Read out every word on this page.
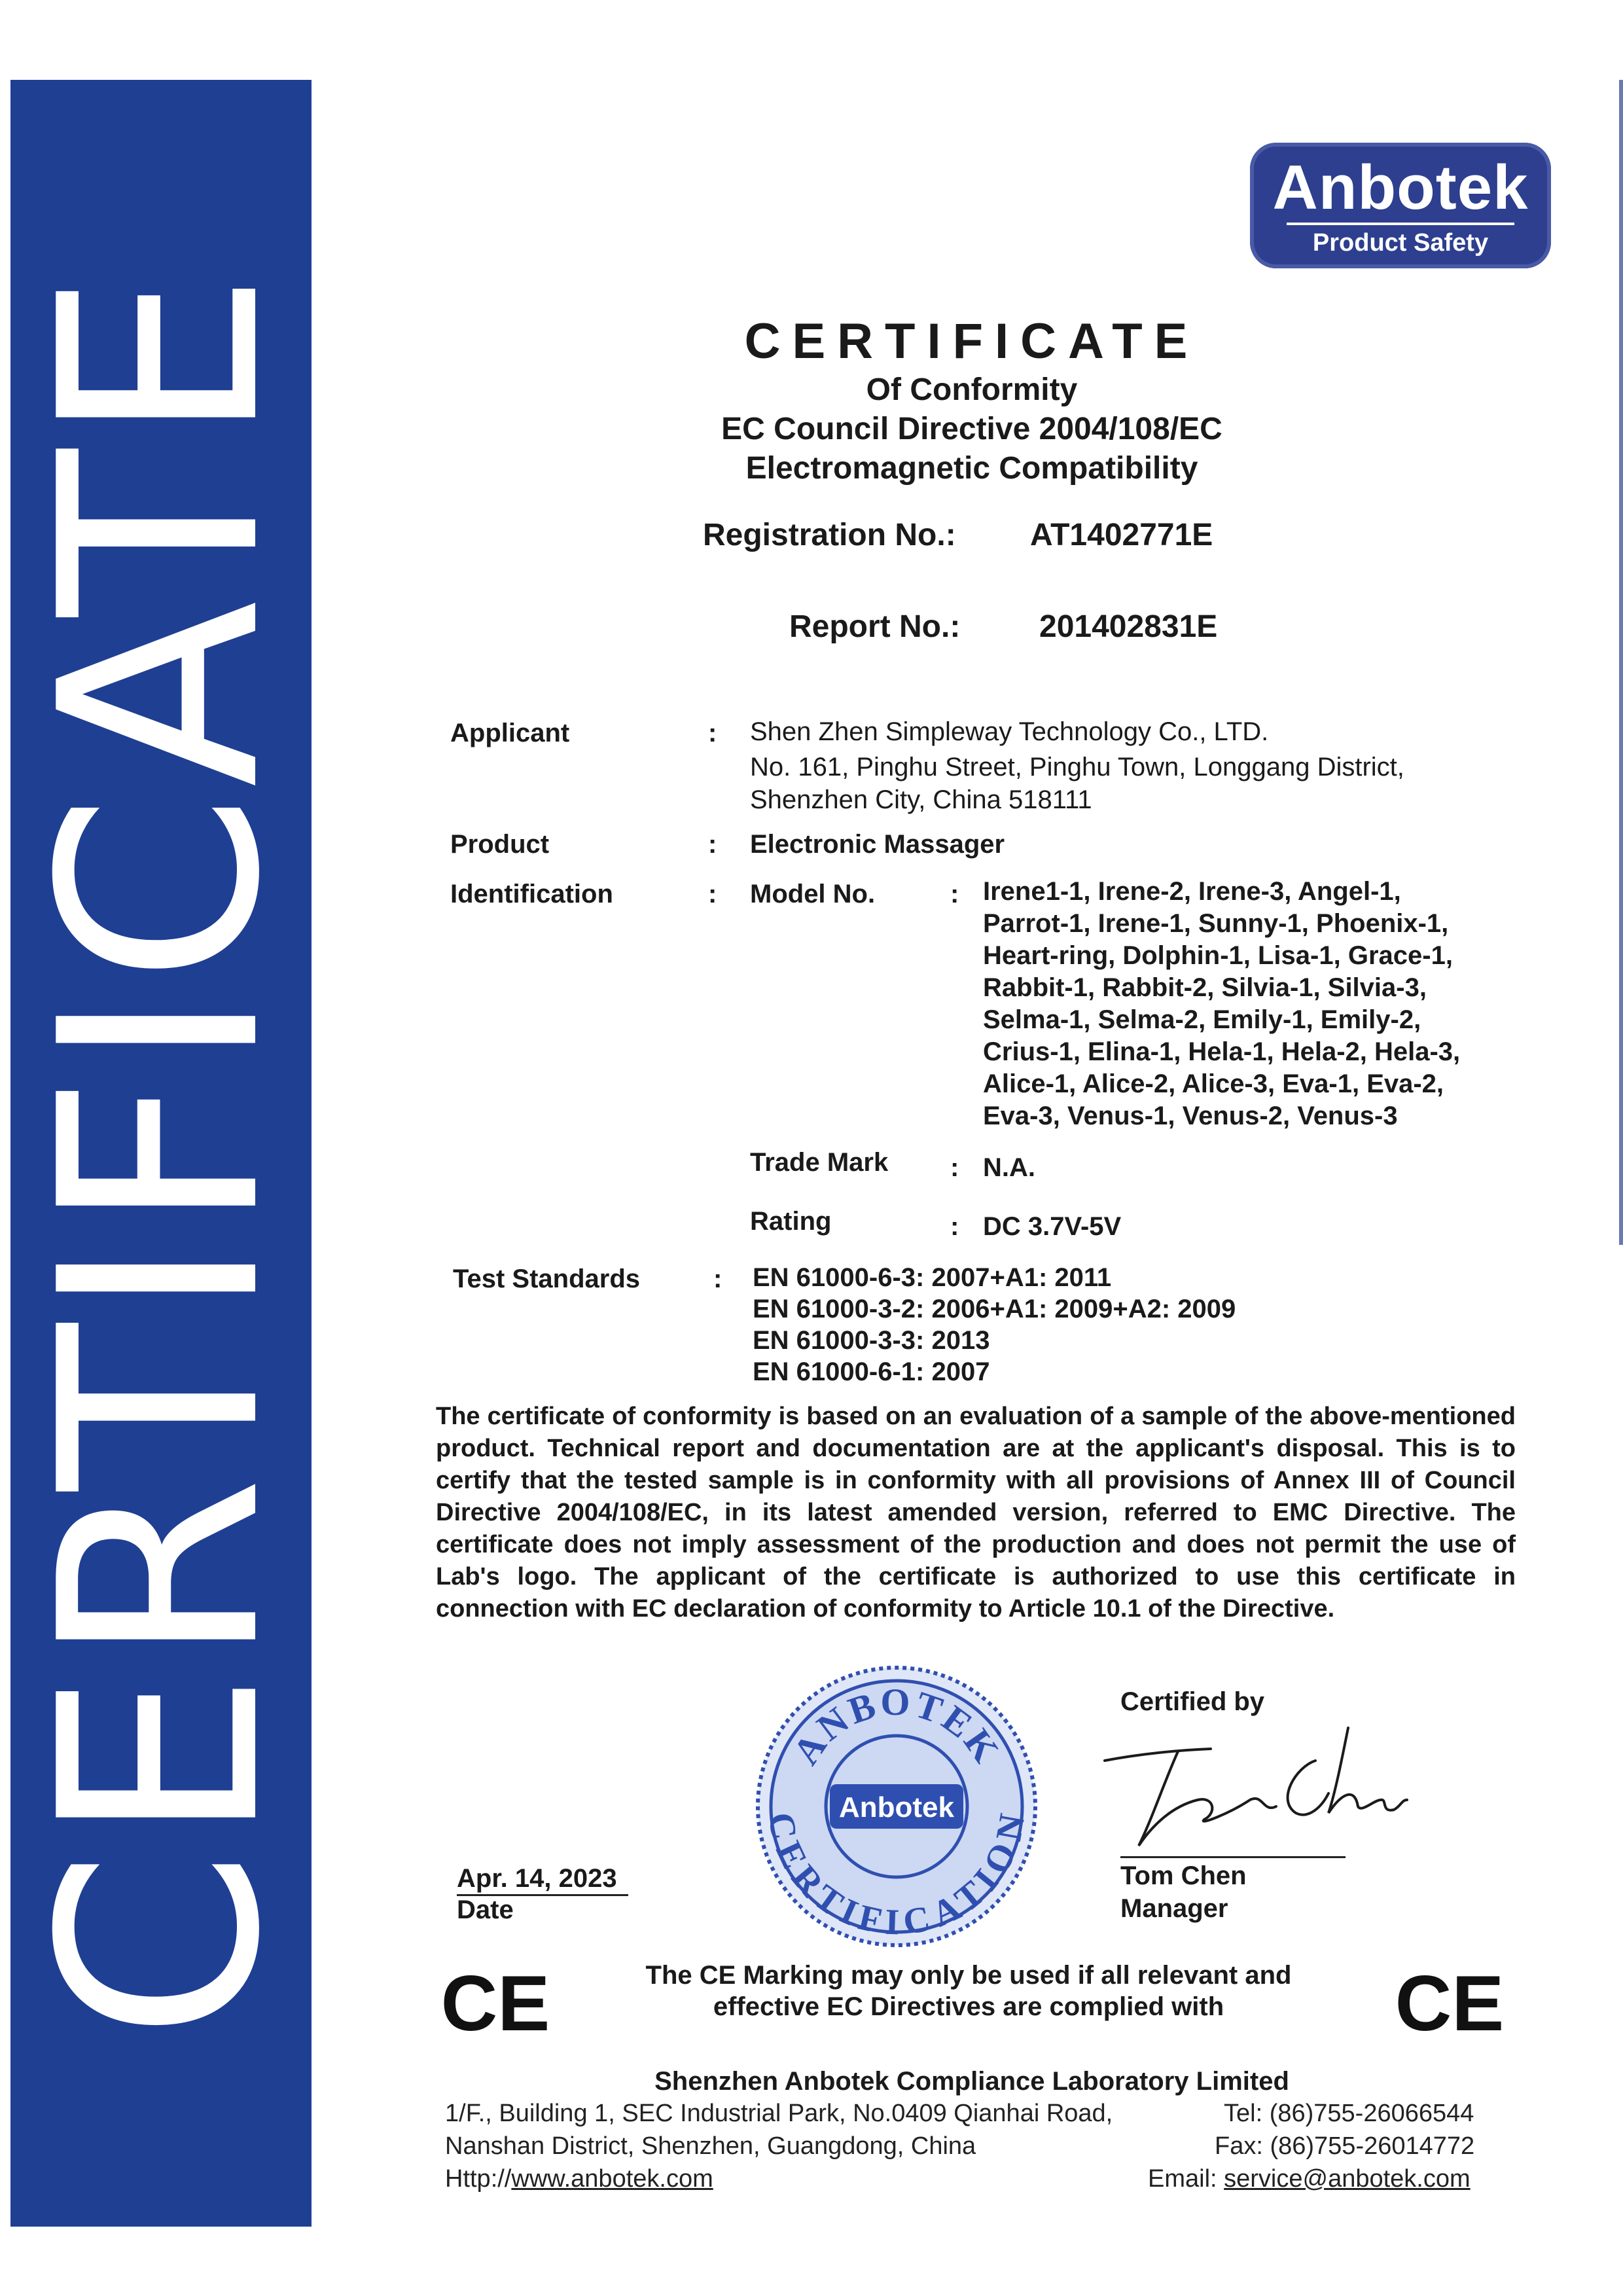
CERTIFICATE
Anbotek
Product Safety
CERTIFICATE
Of Conformity
EC Council Directive 2004/108/EC
Electromagnetic Compatibility
Registration No.: AT1402771E
Report No.:	201402831E
Applicant	: Shen Zhen Simpleway Technology Co., LTD.
No. 161, Pinghu Street, Pinghu Town, Longgang District,
Shenzhen City, China 518111
Product	: Electronic Massager
Identification	: Model No.	: Irene1-1, Irene-2, Irene-3, Angel-1,
Parrot-1, Irene-1, Sunny-1, Phoenix-1,
Heart-ring, Dolphin-1, Lisa-1, Grace-1,
Rabbit-1, Rabbit-2, Silvia-1, Silvia-3,
Selma-1, Selma-2, Emily-1, Emily-2,
Crius-1, Elina-1, Hela-1, Hela-2, Hela-3,
Alice-1, Alice-2, Alice-3, Eva-1, Eva-2,
Eva-3, Venus-1, Venus-2, Venus-3
Trade Mark : N.A.
Rating	: DC 3.7V-5V
Test Standards	: EN 61000-6-3: 2007+A1: 2011
EN 61000-3-2: 2006+A1: 2009+A2: 2009
EN 61000-3-3: 2013
EN 61000-6-1: 2007
The certificate of conformity is based on an evaluation of a sample of the above-mentioned product. Technical report and documentation are at the applicant's disposal. This is to certify that the tested sample is in conformity with all provisions of Annex III of Council Directive 2004/108/EC, in its latest amended version, referred to EMC Directive. The certificate does not imply assessment of the production and does not permit the use of Lab's logo. The applicant of the certificate is authorized to use this certificate in connection with EC declaration of conformity to Article 10.1 of the Directive.
ANBOTEK
CERTIFICATION
Anbotek
Certified by
Tom Chen
Manager
Apr. 14, 2023
Date
CE	CE
The CE Marking may only be used if all relevant and
effective EC Directives are complied with
Shenzhen Anbotek Compliance Laboratory Limited
1/F., Building 1, SEC Industrial Park, No.0409 Qianhai Road,
Nanshan District, Shenzhen, Guangdong, China
Http://www.anbotek.com
Tel: (86)755-26066544
Fax: (86)755-26014772
Email: service@anbotek.com
